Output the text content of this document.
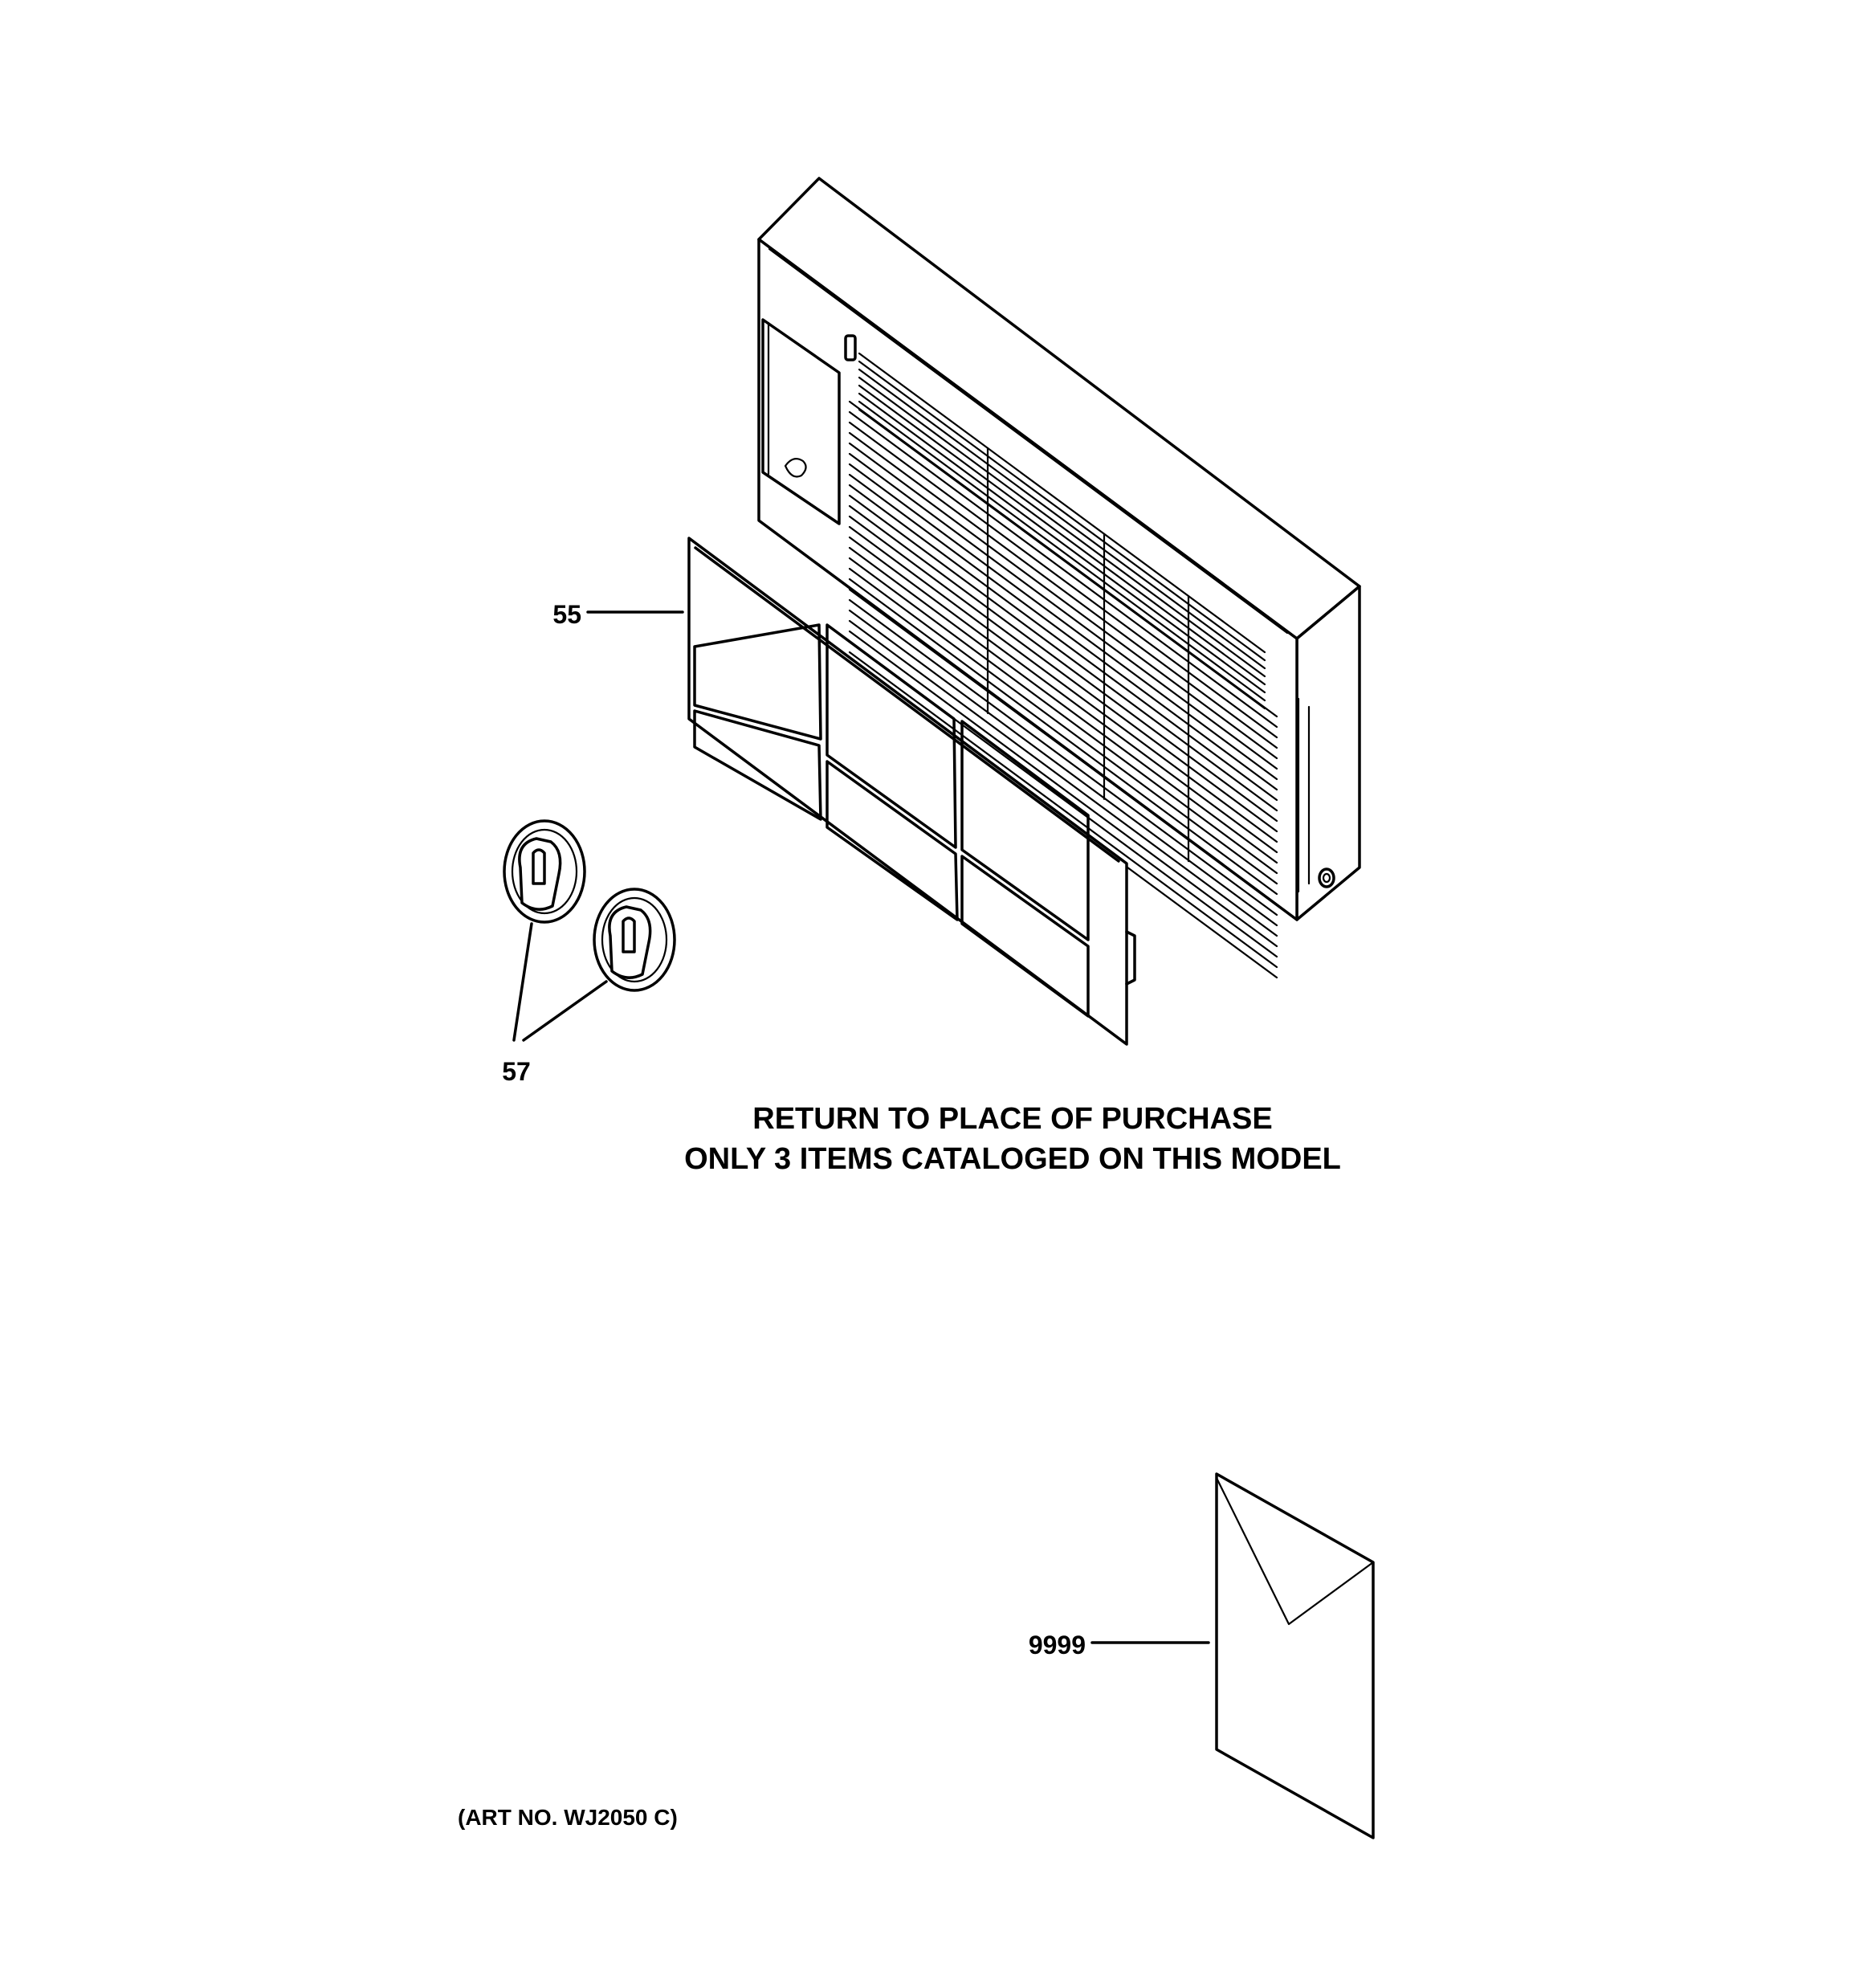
55
57
9999
RETURN TO PLACE OF PURCHASE
ONLY 3 ITEMS CATALOGED ON THIS MODEL
(ART NO. WJ2050 C)
